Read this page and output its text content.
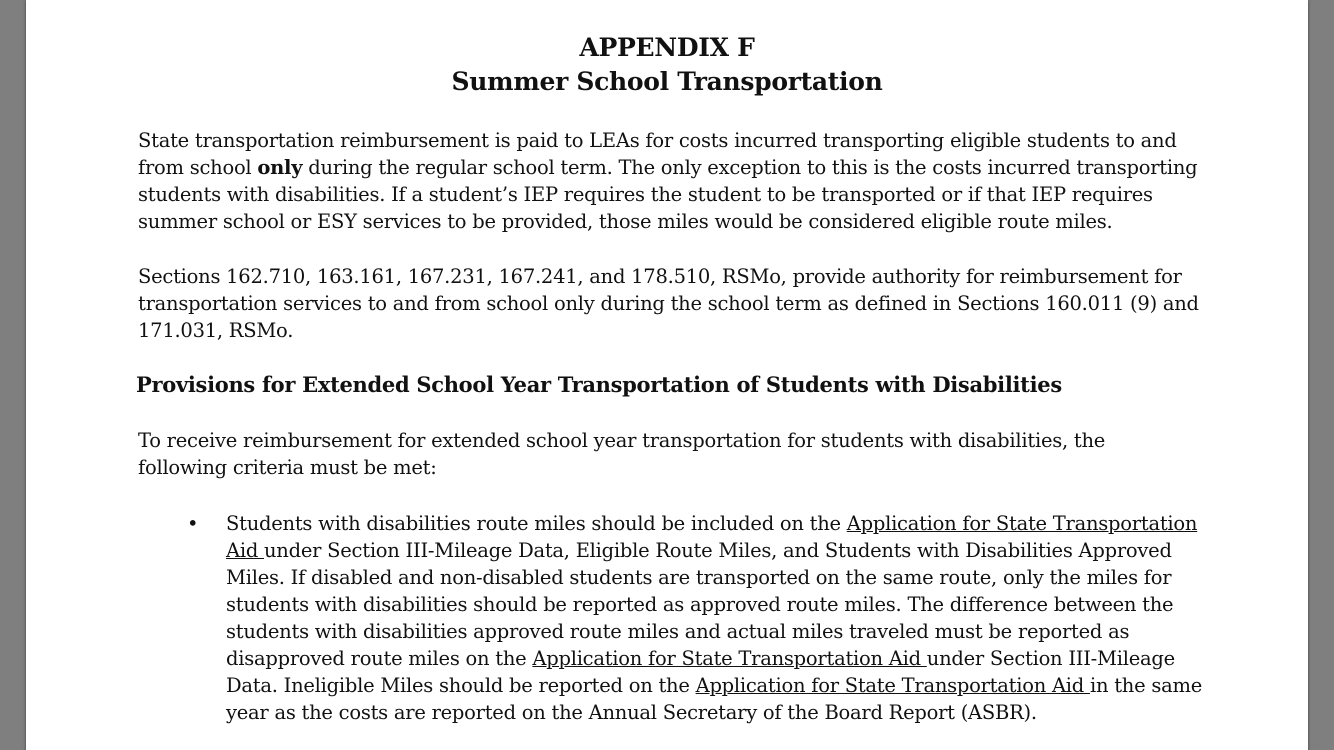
APPENDIX F
Summer School Transportation

State transportation reimbursement is paid to LEAs for costs incurred transporting eligible students to and
from school only during the regular school term. The only exception to this is the costs incurred transporting
students with disabilities. If a student’s IEP requires the student to be transported or if that IEP requires
summer school or ESY services to be provided, those miles would be considered eligible route miles.

Sections 162.710, 163.161, 167.231, 167.241, and 178.510, RSMo, provide authority for reimbursement for
transportation services to and from school only during the school term as defined in Sections 160.011 (9) and
171.031, RSMo.

Provisions for Extended School Year Transportation of Students with Disabilities

To receive reimbursement for extended school year transportation for students with disabilities, the
following criteria must be met:

• Students with disabilities route miles should be included on the Application for State Transportation
Aid under Section III-Mileage Data, Eligible Route Miles, and Students with Disabilities Approved
Miles. If disabled and non-disabled students are transported on the same route, only the miles for
students with disabilities should be reported as approved route miles. The difference between the
students with disabilities approved route miles and actual miles traveled must be reported as
disapproved route miles on the Application for State Transportation Aid under Section III-Mileage
Data. Ineligible Miles should be reported on the Application for State Transportation Aid in the same
year as the costs are reported on the Annual Secretary of the Board Report (ASBR).
